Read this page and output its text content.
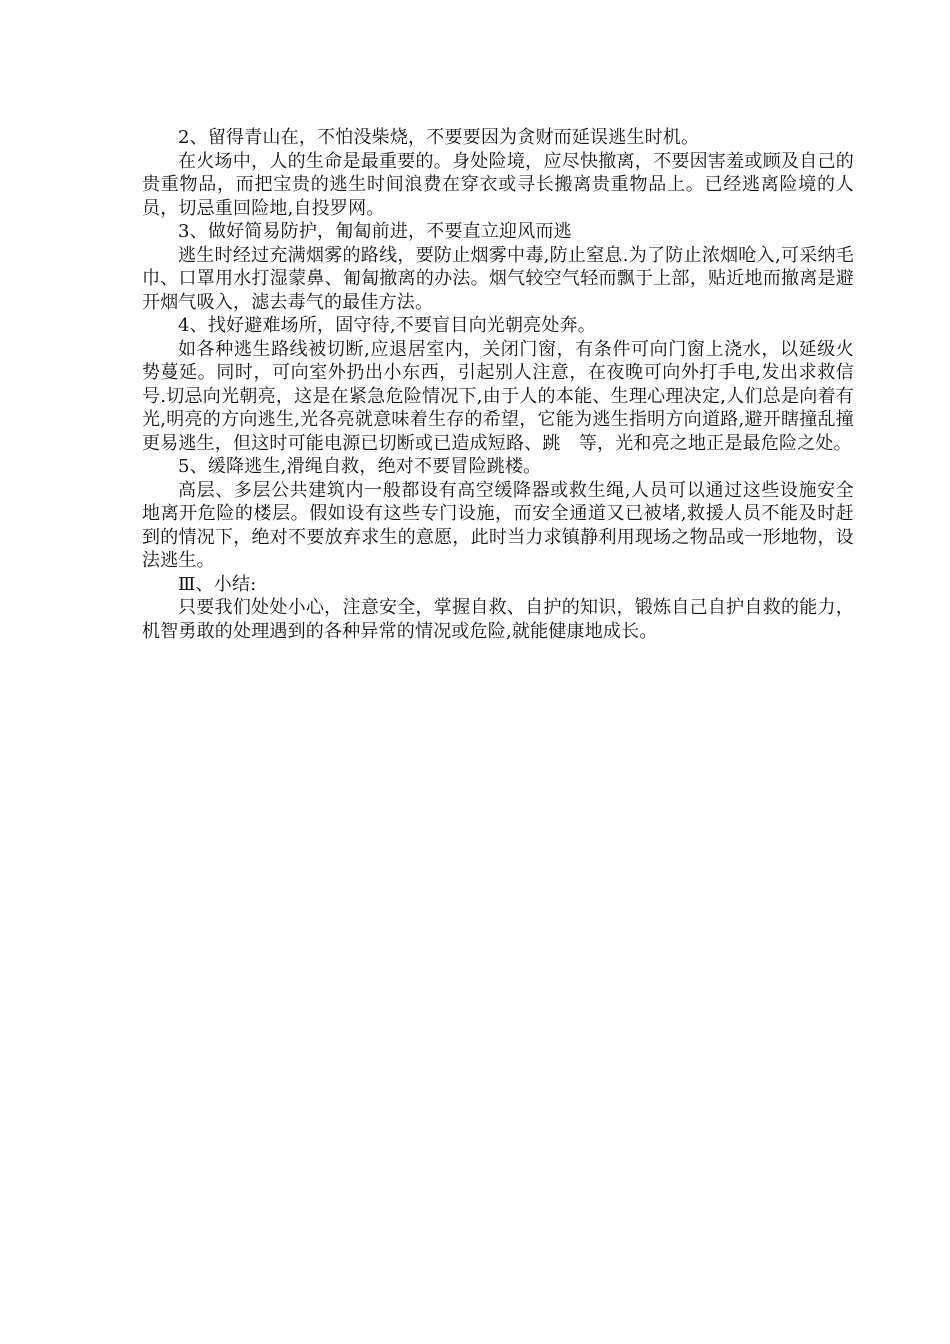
2、留得青山在，不怕没柴烧，不要要因为贪财而延误逃生时机。

在火场中，人的生命是最重要的。身处险境，应尽快撤离，不要因害羞或顾及自己的贵重物品，而把宝贵的逃生时间浪费在穿衣或寻长搬离贵重物品上。已经逃离险境的人员，切忌重回险地,自投罗网。

3、做好简易防护，匍匐前进，不要直立迎风而逃

逃生时经过充满烟雾的路线，要防止烟雾中毒,防止窒息.为了防止浓烟呛入,可采纳毛巾、口罩用水打湿蒙鼻、匍匐撤离的办法。烟气较空气轻而飘于上部，贴近地而撤离是避开烟气吸入，滤去毒气的最佳方法。

4、找好避难场所，固守待,不要盲目向光朝亮处奔。

如各种逃生路线被切断,应退居室内，关闭门窗，有条件可向门窗上浇水，以延级火势蔓延。同时，可向室外扔出小东西，引起别人注意，在夜晚可向外打手电,发出求救信号.切忌向光朝亮，这是在紧急危险情况下,由于人的本能、生理心理决定,人们总是向着有光,明亮的方向逃生,光各亮就意味着生存的希望，它能为逃生指明方向道路,避开瞎撞乱撞更易逃生，但这时可能电源已切断或已造成短路、跳　等，光和亮之地正是最危险之处。

5、缓降逃生,滑绳自救，绝对不要冒险跳楼。

高层、多层公共建筑内一般都设有高空缓降器或救生绳,人员可以通过这些设施安全地离开危险的楼层。假如设有这些专门设施，而安全通道又已被堵,救援人员不能及时赶到的情况下，绝对不要放弃求生的意愿，此时当力求镇静利用现场之物品或一形地物，设法逃生。

Ⅲ、小结:

只要我们处处小心，注意安全，掌握自救、自护的知识，锻炼自己自护自救的能力，机智勇敢的处理遇到的各种异常的情况或危险,就能健康地成长。
